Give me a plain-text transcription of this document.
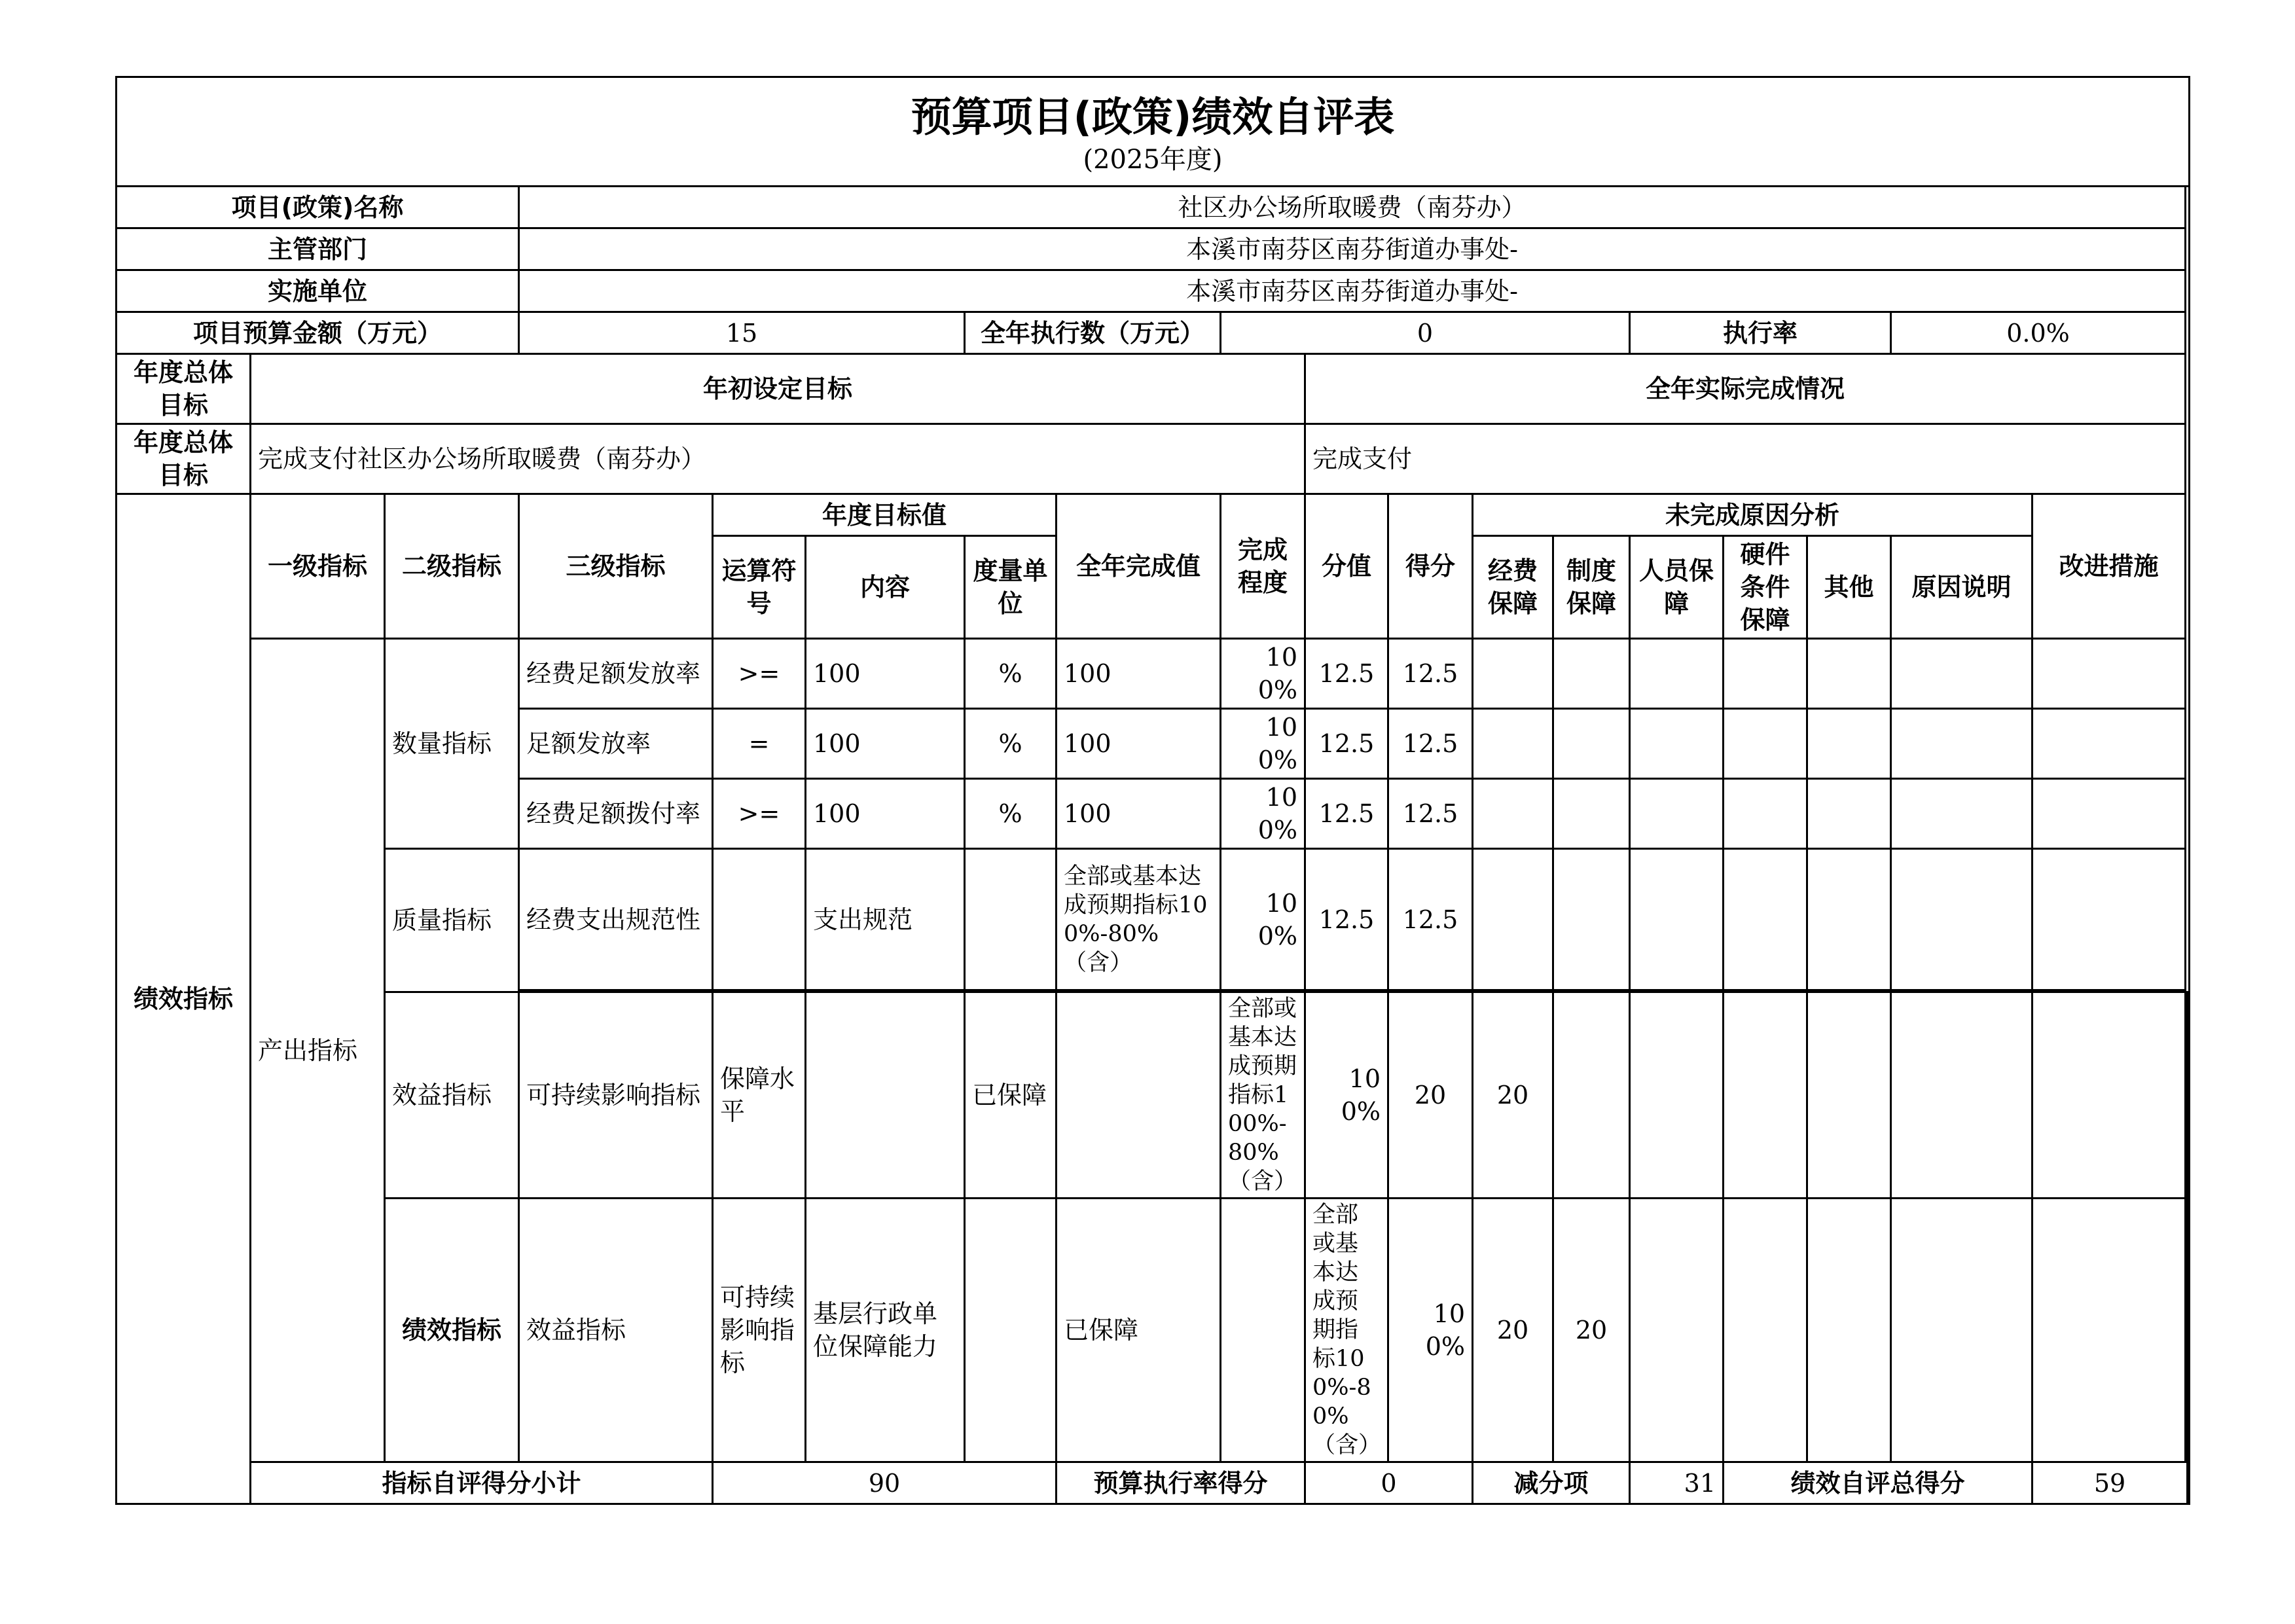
预算项目(政策)绩效自评表
(2025年度)
项目(政策)名称			社区办公场所取暖费（南芬办）																
主管部门			本溪市南芬区南芬街道办事处-																
实施单位			本溪市南芬区南芬街道办事处-																
项目预算金额（万元）			15			全年执行数（万元）		0					执行率			0.0%			
年度总体目标	年初设定目标								全年实际完成情况										
年度总体目标	完成支付社区办公场所取暖费（南芬办）								完成支付										
绩效指标	一级指标	二级指标	三级指标	年度目标值			全年完成值	完成程度	分值	得分	未完成原因分析						改进措施		
				运算符号	内容	度量单位					经费保障	制度保障	人员保障	硬件条件保障	其他	原因说明			
	产出指标	数量指标	经费足额发放率	>=	100	%	100	100%	12.5	12.5									
			足额发放率	=	100	%	100	100%	12.5	12.5									
			经费足额拨付率	>=	100	%	100	100%	12.5	12.5									
		质量指标	经费支出规范性		支出规范		全部或基本达成预期指标100%-80%（含）	100%	12.5	12.5									

		效益指标	可持续影响指标	保障水平		已保障		全部或基本达成预期指标100%-80%（含）	100%	20	20								
		绩效指标	效益指标	可持续影响指标	基层行政单位保障能力		已保障		全部或基本达成预期指标100%-80%（含）	100%	20	20							
	指标自评得分小计			90			预算执行率得分		0		减分项		31	绩效自评总得分			59		
